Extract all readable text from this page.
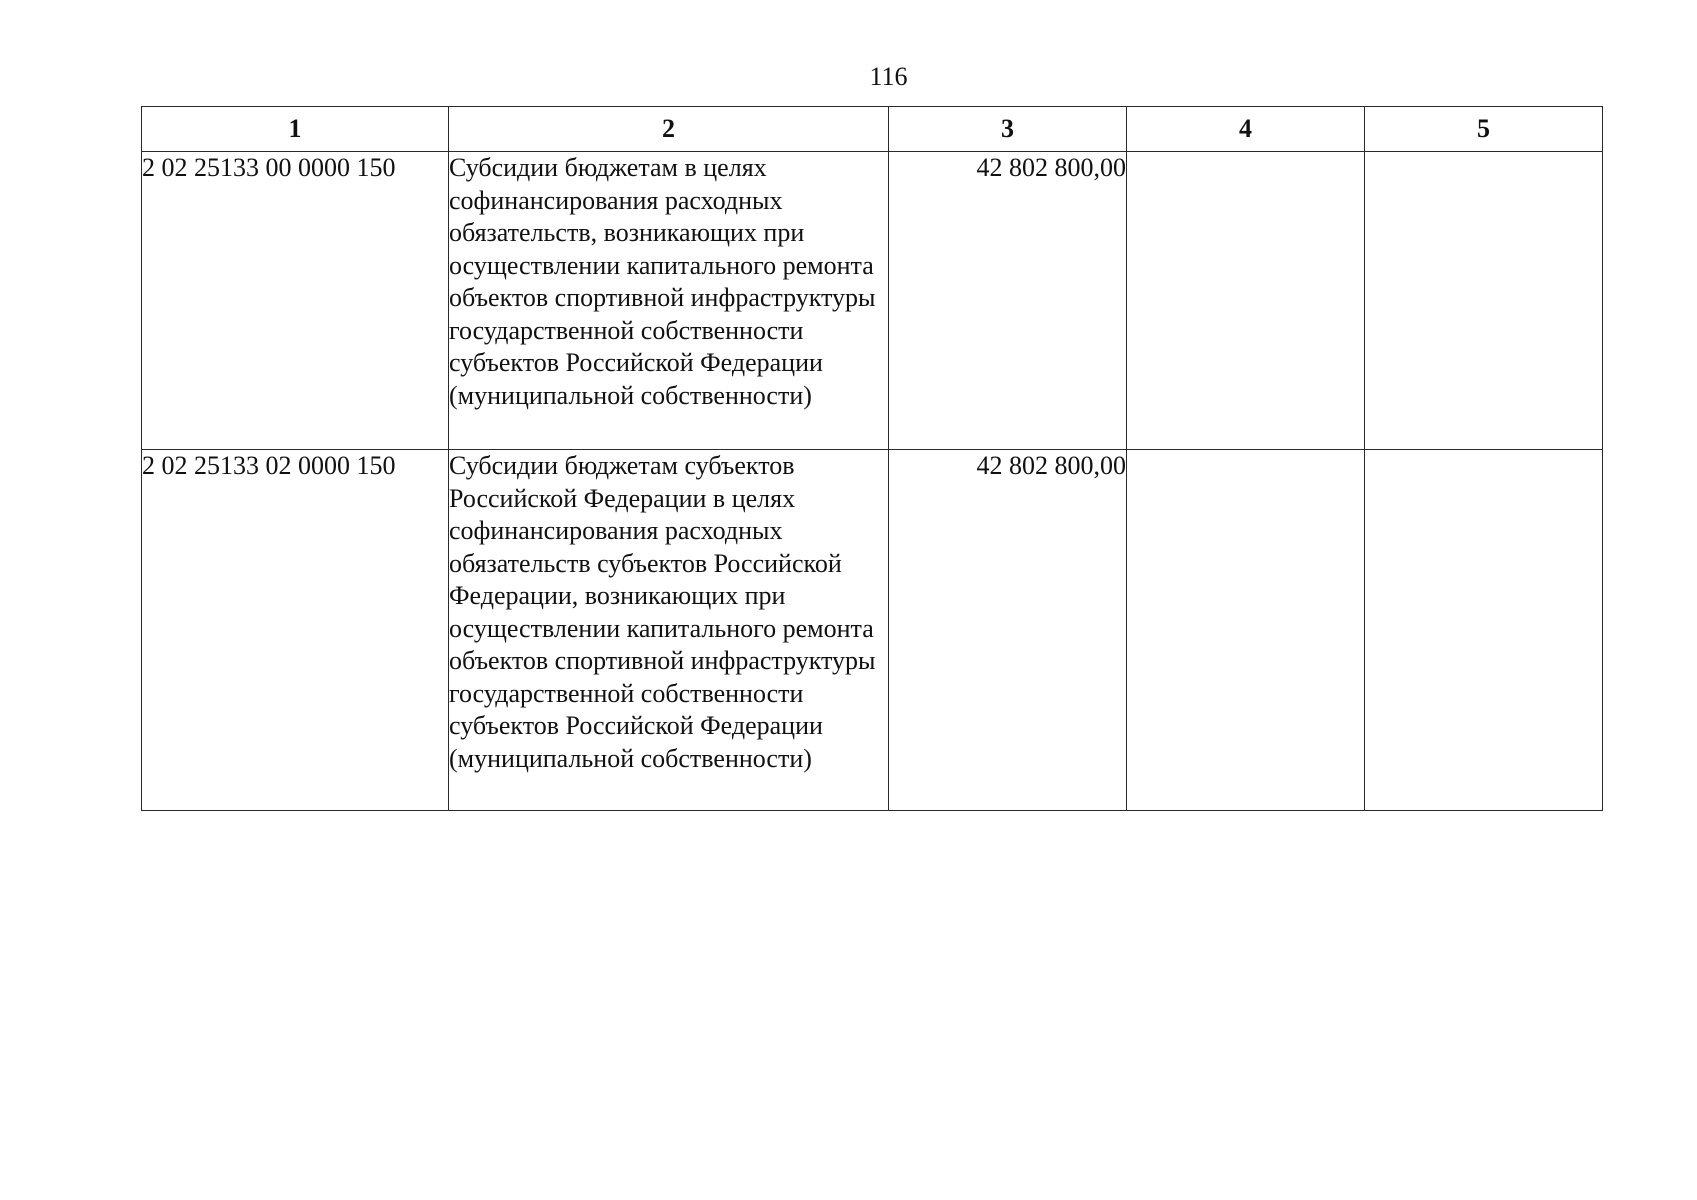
116
1	2	3	4	5
2 02 25133 00 0000 150	Субсидии бюджетам в целях софинансирования расходных обязательств, возникающих при осуществлении капитального ремонта объектов спортивной инфраструктуры государственной собственности субъектов Российской Федерации (муниципальной собственности)	42 802 800,00		
2 02 25133 02 0000 150	Субсидии бюджетам субъектов Российской Федерации в целях софинансирования расходных обязательств субъектов Российской Федерации, возникающих при осуществлении капитального ремонта объектов спортивной инфраструктуры государственной собственности субъектов Российской Федерации (муниципальной собственности)	42 802 800,00		
